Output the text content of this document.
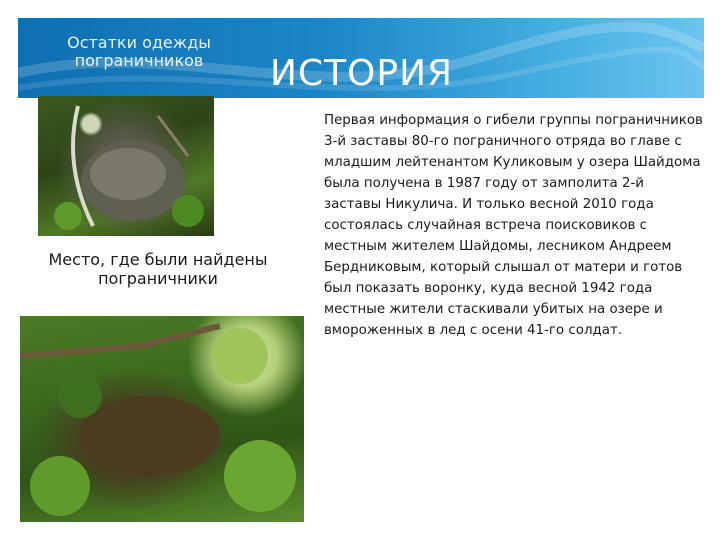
Остатки одежды пограничников	ИСТОРИЯ
Место, где были найдены пограничники
Первая информация о гибели группы пограничников 3-й заставы 80-го пограничного отряда во главе с младшим лейтенантом Куликовым у озера Шайдома была получена в 1987 году от замполита 2-й заставы Никулича. И только весной 2010 года состоялась случайная встреча поисковиков с местным жителем Шайдомы, лесником Андреем Бердниковым, который слышал от матери и готов был показать воронку, куда весной 1942 года местные жители стаскивали убитых на озере и вмороженных в лед с осени 41-го солдат.
